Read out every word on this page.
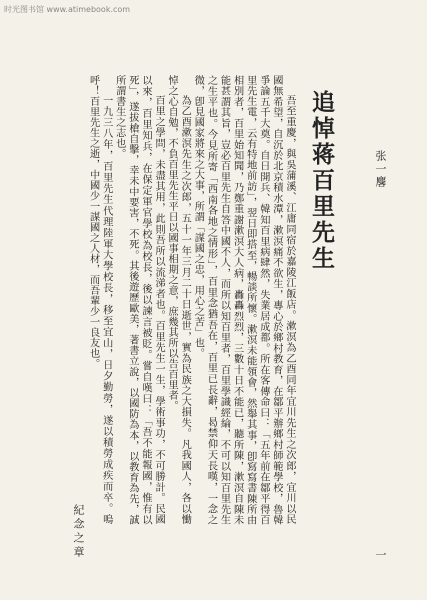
时光图书馆 www.atimebook.com
追悼蒋百里先生	张一麐

吾至重慶，與吳蒲溪、江庸同宿於嘉陵江飯店。漱溟為乙酉同年宜川先生之次郎，宜川以民國無希望，自沉於北京積水潭，漱溟痛不欲生，專心於鄉村教育，在鄒平辦鄉村師範學校，魯韓爭論五千大奠。自日開兵、韓知百里病肆然，失業居成都。所在客傳命曰：「五年前在鄒平得百里先生電，云有特地前訪」，翌日即搭至，暢談所懷。漱溟未能領會，然舉其事，卽寫寫書陳所由相別者，百里始知聞，乃鄭重謝漱溟大人病，轟轟烈烈，三數十日不能已，聽所陳，漱溟自陳未能甚謂其旨，豈必百里先生自答中國不人，而所以知百里者，百里學識經綸，不可以知百里先生之生平也。今見所寄「西南各地之情形」，百里念猶吾在，百里已長辭，曷禁仰天長嘆，一念之微，卽見國家將來之大事，所謂「謀國之忠，用心之苦」也。

為乙酉漱溟先生之次郎，五十一年三月二十日逝世，實為民族之大損失。凡我國人，各以慟悼之心自勉，不負百里先生平日以國事相期之意，庶幾其所以告百里者。

百里之學問，未盡其用，此則吾所以流涕者也。百里先生一生，學術事功，不可勝計。民國以來，百里知兵，在保定軍官學校為校長，後以諫言被貶。嘗自嘆曰：「吾不能報國，惟有以死」，遂拔槍自擊，幸未中要害，不死。其後遊歷歐美，著書立說，以國防為本，以教育為先，誠所謂書生之志也。

一九三八年，百里先生代理陸軍大學校長，移至宜山，日夕勤勞，遂以積勞成疾而卒。嗚呼！百里先生之逝，中國少一謀國之人材，而吾輩少一良友也。

紀念之章	一
